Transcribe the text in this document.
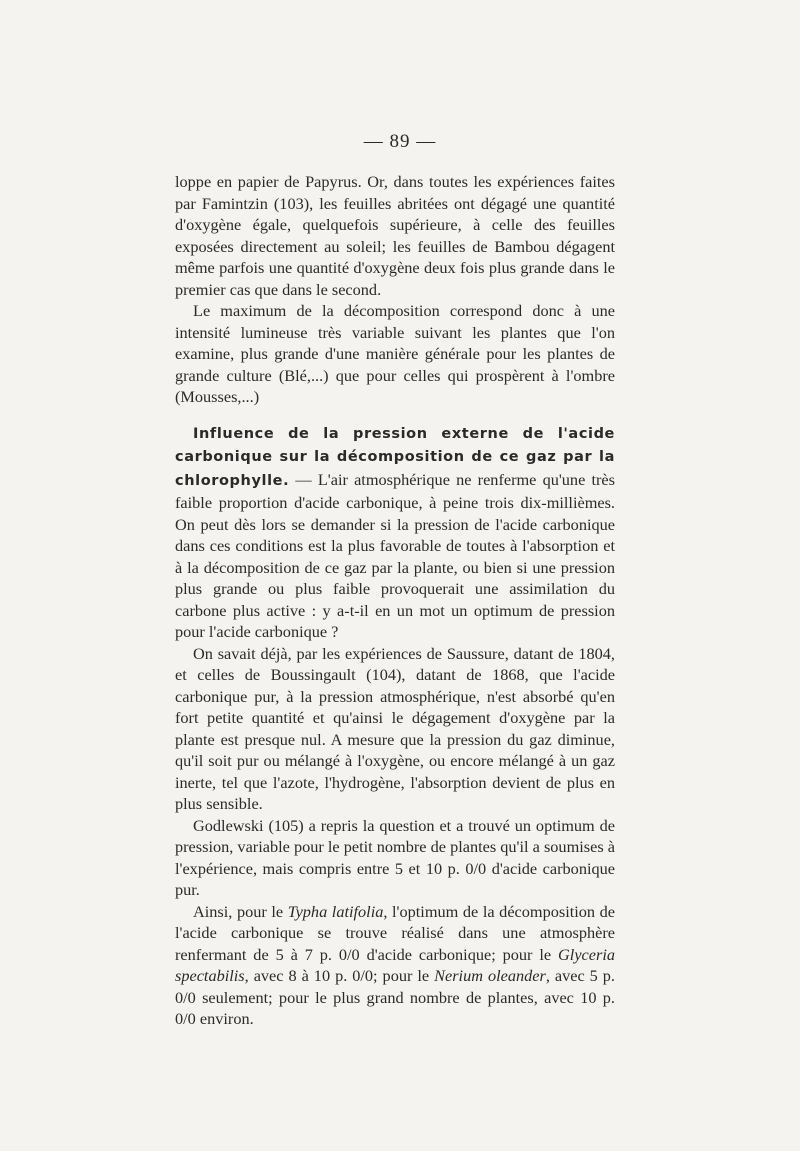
— 89 —

loppe en papier de Papyrus. Or, dans toutes les expériences faites par Famintzin (103), les feuilles abritées ont dégagé une quantité d'oxygène égale, quelquefois supérieure, à celle des feuilles exposées directement au soleil; les feuilles de Bambou dégagent même parfois une quantité d'oxygène deux fois plus grande dans le premier cas que dans le second.

Le maximum de la décomposition correspond donc à une intensité lumineuse très variable suivant les plantes que l'on examine, plus grande d'une manière générale pour les plantes de grande culture (Blé,...) que pour celles qui prospèrent à l'ombre (Mousses,...)

Influence de la pression externe de l'acide carbonique sur la décomposition de ce gaz par la chlorophylle. — L'air atmosphérique ne renferme qu'une très faible proportion d'acide carbonique, à peine trois dix-millièmes. On peut dès lors se demander si la pression de l'acide carbonique dans ces conditions est la plus favorable de toutes à l'absorption et à la décomposition de ce gaz par la plante, ou bien si une pression plus grande ou plus faible provoquerait une assimilation du carbone plus active : y a-t-il en un mot un optimum de pression pour l'acide carbonique ?

On savait déjà, par les expériences de Saussure, datant de 1804, et celles de Boussingault (104), datant de 1868, que l'acide carbonique pur, à la pression atmosphérique, n'est absorbé qu'en fort petite quantité et qu'ainsi le dégagement d'oxygène par la plante est presque nul. A mesure que la pression du gaz diminue, qu'il soit pur ou mélangé à l'oxygène, ou encore mélangé à un gaz inerte, tel que l'azote, l'hydrogène, l'absorption devient de plus en plus sensible.

Godlewski (105) a repris la question et a trouvé un optimum de pression, variable pour le petit nombre de plantes qu'il a soumises à l'expérience, mais compris entre 5 et 10 p. 0/0 d'acide carbonique pur.

Ainsi, pour le Typha latifolia, l'optimum de la décomposition de l'acide carbonique se trouve réalisé dans une atmosphère renfermant de 5 à 7 p. 0/0 d'acide carbonique; pour le Glyceria spectabilis, avec 8 à 10 p. 0/0; pour le Nerium oleander, avec 5 p. 0/0 seulement; pour le plus grand nombre de plantes, avec 10 p. 0/0 environ.
